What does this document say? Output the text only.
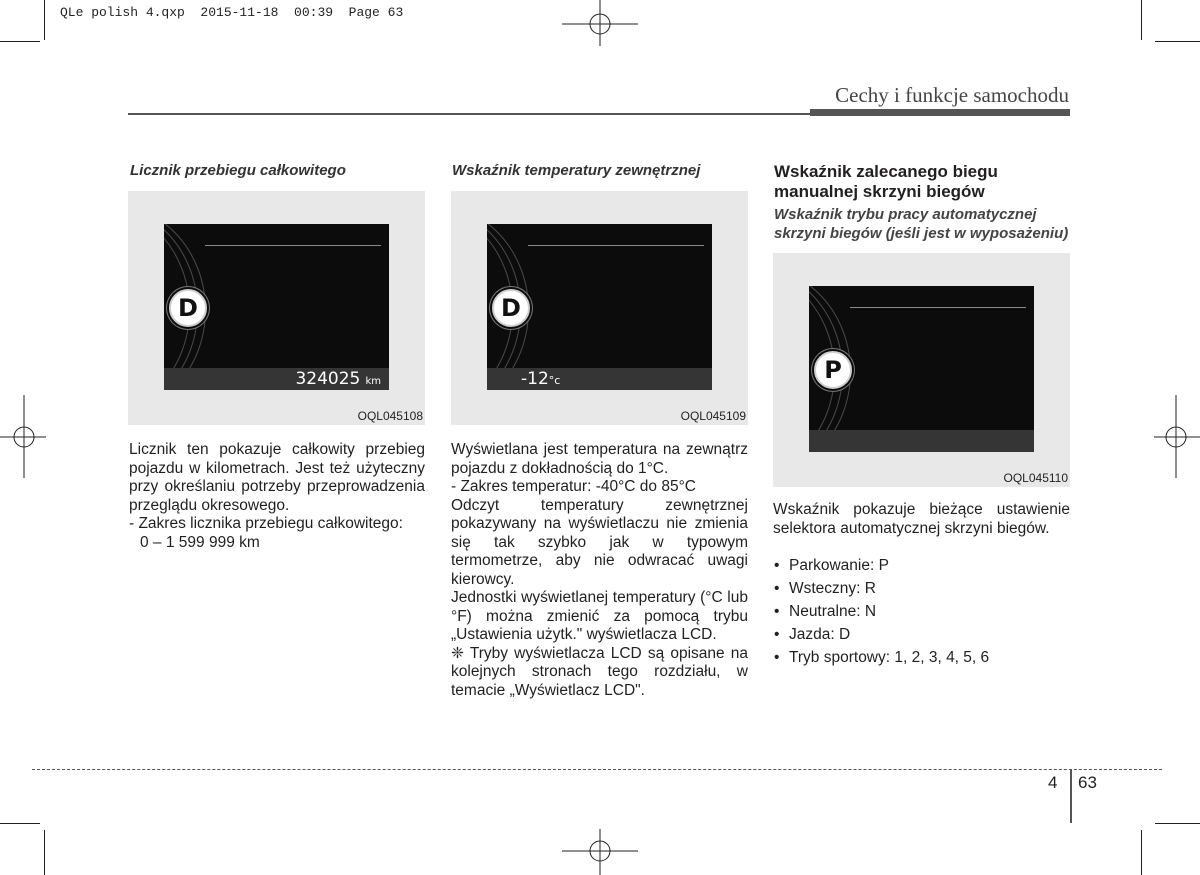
QLe polish 4.qxp  2015-11-18  00:39  Page 63
Cechy i funkcje samochodu
Licznik przebiegu całkowitego
D
324025 km
OQL045108

Licznik ten pokazuje całkowity przebieg pojazdu w kilometrach. Jest też użyteczny przy określaniu potrzeby przeprowadzenia przeglądu okresowego.

- Zakres licznika przebiegu całkowitego:

0 – 1 599 999 km

Wskaźnik temperatury zewnętrznej
D
-12°c
OQL045109

Wyświetlana jest temperatura na zewnątrz pojazdu z dokładnością do 1°C.

- Zakres temperatur: -40°C do 85°C

Odczyt temperatury zewnętrznej pokazywany na wyświetlaczu nie zmienia się tak szybko jak w typowym termometrze, aby nie odwracać uwagi kierowcy.

Jednostki wyświetlanej temperatury (°C lub °F) można zmienić za pomocą trybu „Ustawienia użytk." wyświetlacza LCD.

❈ Tryby wyświetlacza LCD są opisane na kolejnych stronach tego rozdziału, w temacie „Wyświetlacz LCD".

Wskaźnik zalecanego biegu manualnej skrzyni biegów
Wskaźnik trybu pracy automatycznej skrzyni biegów (jeśli jest w wyposażeniu)
P
OQL045110

Wskaźnik pokazuje bieżące ustawienie selektora automatycznej skrzyni biegów.

• Parkowanie: P
• Wsteczny: R
• Neutralne: N
• Jazda: D
• Tryb sportowy: 1, 2, 3, 4, 5, 6
4 63
